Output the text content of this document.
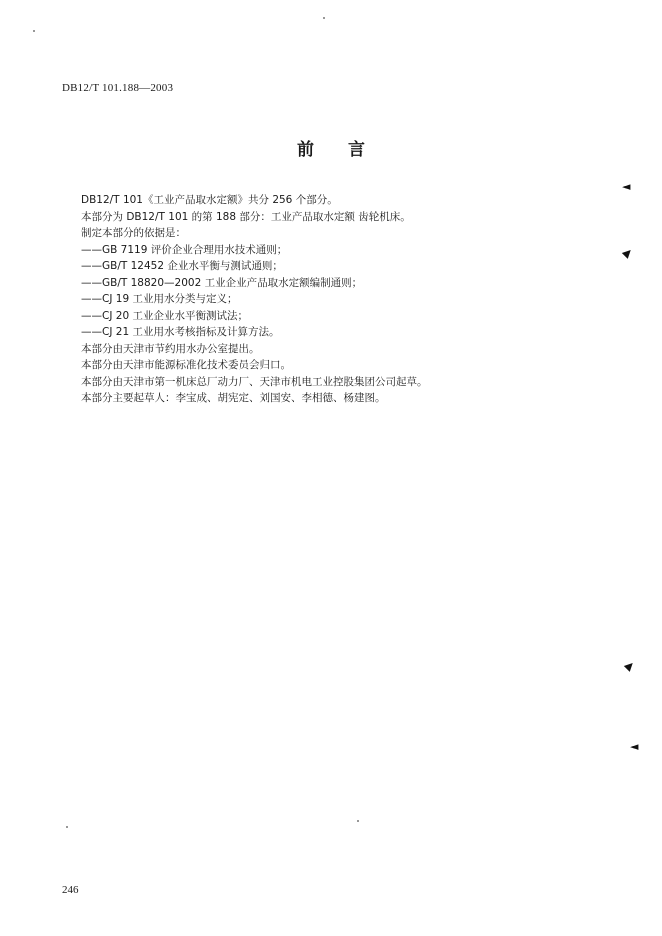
DB12/T 101.188—2003
前言
DB12/T 101《工业产品取水定额》共分 256 个部分。
本部分为 DB12/T 101 的第 188 部分：工业产品取水定额 齿轮机床。
制定本部分的依据是：
——GB 7119 评价企业合理用水技术通则；
——GB/T 12452 企业水平衡与测试通则；
——GB/T 18820—2002 工业企业产品取水定额编制通则；
——CJ 19 工业用水分类与定义；
——CJ 20 工业企业水平衡测试法；
——CJ 21 工业用水考核指标及计算方法。
本部分由天津市节约用水办公室提出。
本部分由天津市能源标准化技术委员会归口。
本部分由天津市第一机床总厂动力厂、天津市机电工业控股集团公司起草。
本部分主要起草人：李宝成、胡宪定、刘国安、李相德、杨建图。
246
◄
▲
▲
◄
